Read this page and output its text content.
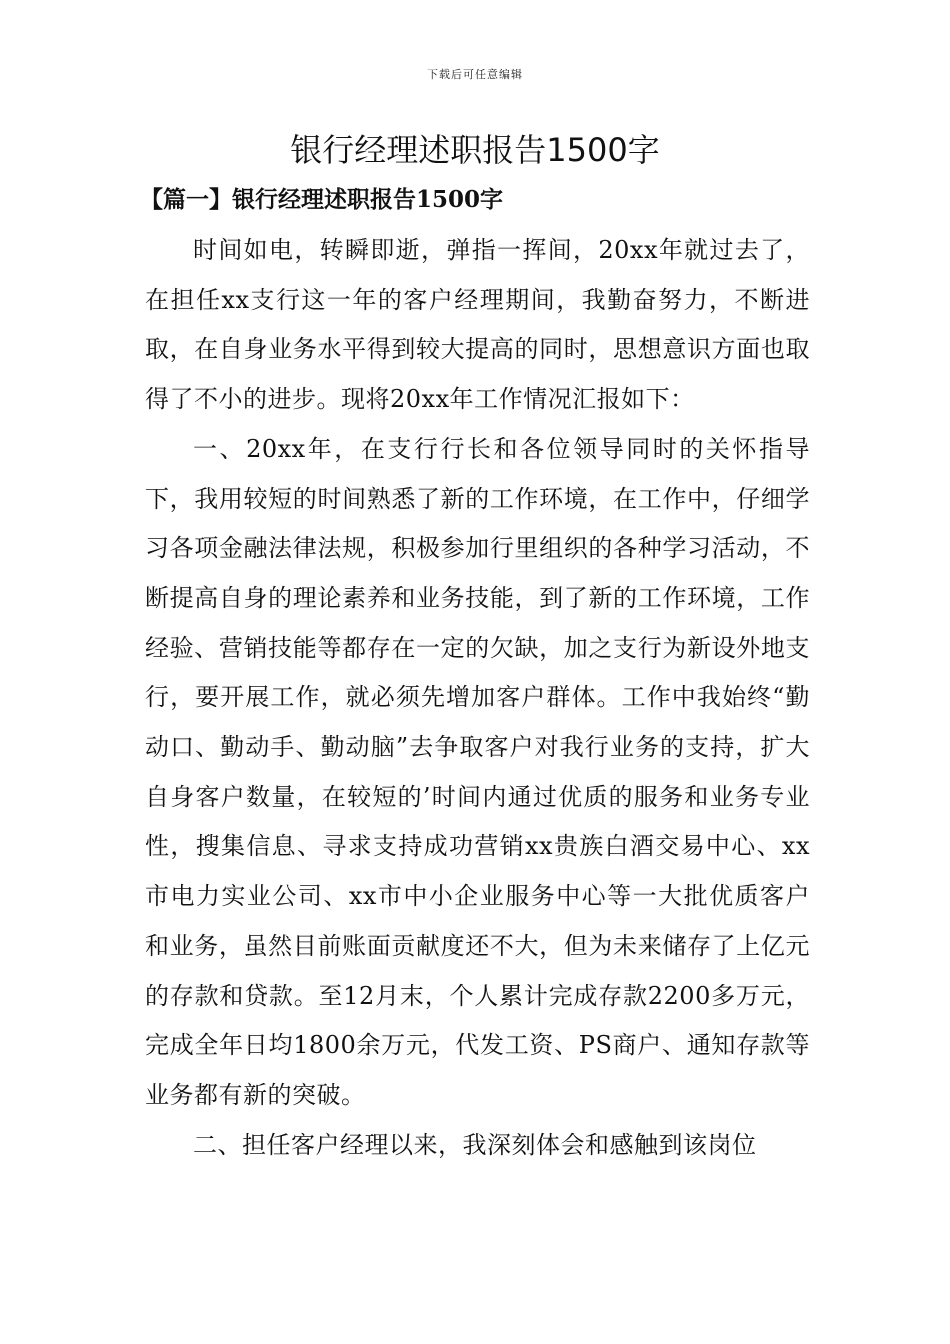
下载后可任意编辑
银行经理述职报告1500字
【篇一】银行经理述职报告1500字

时间如电，转瞬即逝，弹指一挥间，20xx年就过去了，在担任xx支行这一年的客户经理期间，我勤奋努力，不断进取，在自身业务水平得到较大提高的同时，思想意识方面也取得了不小的进步。现将20xx年工作情况汇报如下：

一、20xx年，在支行行长和各位领导同时的关怀指导下，我用较短的时间熟悉了新的工作环境，在工作中，仔细学习各项金融法律法规，积极参加行里组织的各种学习活动，不断提高自身的理论素养和业务技能，到了新的工作环境，工作经验、营销技能等都存在一定的欠缺，加之支行为新设外地支行，要开展工作，就必须先增加客户群体。工作中我始终“勤动口、勤动手、勤动脑”去争取客户对我行业务的支持，扩大自身客户数量，在较短的’时间内通过优质的服务和业务专业性，搜集信息、寻求支持成功营销xx贵族白酒交易中心、xx市电力实业公司、xx市中小企业服务中心等一大批优质客户和业务，虽然目前账面贡献度还不大，但为未来储存了上亿元的存款和贷款。至12月末，个人累计完成存款2200多万元，完成全年日均1800余万元，代发工资、PS商户、通知存款等业务都有新的突破。

二、担任客户经理以来，我深刻体会和感触到该岗位
